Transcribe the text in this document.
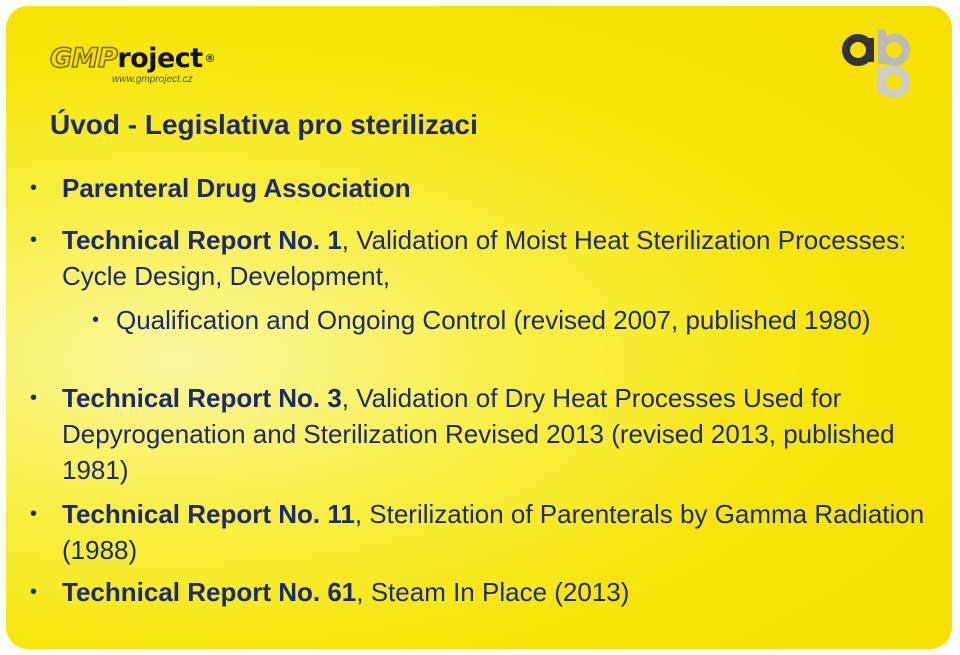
GMProject ®
www.gmproject.cz
Úvod - Legislativa pro sterilizaci
• Parenteral Drug Association
• Technical Report No. 1, Validation of Moist Heat Sterilization Processes: Cycle Design, Development,
• Qualification and Ongoing Control (revised 2007, published 1980)
• Technical Report No. 3, Validation of Dry Heat Processes Used for Depyrogenation and Sterilization Revised 2013 (revised 2013, published 1981)
• Technical Report No. 11, Sterilization of Parenterals by Gamma Radiation (1988)
• Technical Report No. 61, Steam In Place (2013)
